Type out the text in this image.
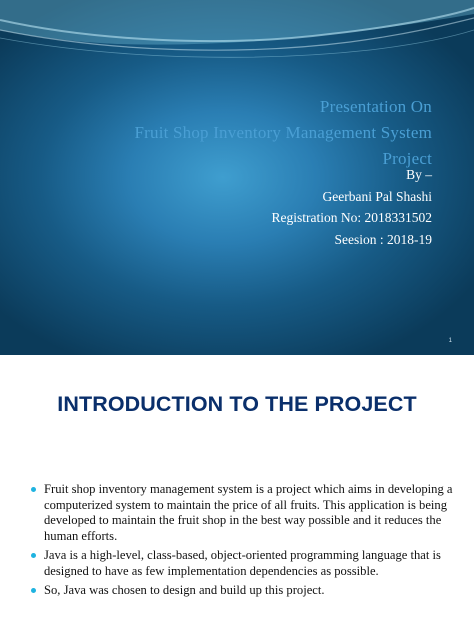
Presentation On
Fruit Shop Inventory Management System
Project
By –
Geerbani Pal Shashi
Registration No: 2018331502
Seesion : 2018-19
1
INTRODUCTION TO THE PROJECT
Fruit shop inventory management system is a project which aims in developing a computerized system to maintain the price of all fruits. This application is being developed to maintain the fruit shop in the best way possible and it reduces the human efforts.
Java is a high-level, class-based, object-oriented programming language that is designed to have as few implementation dependencies as possible.
So, Java was chosen to design and build up this project.
